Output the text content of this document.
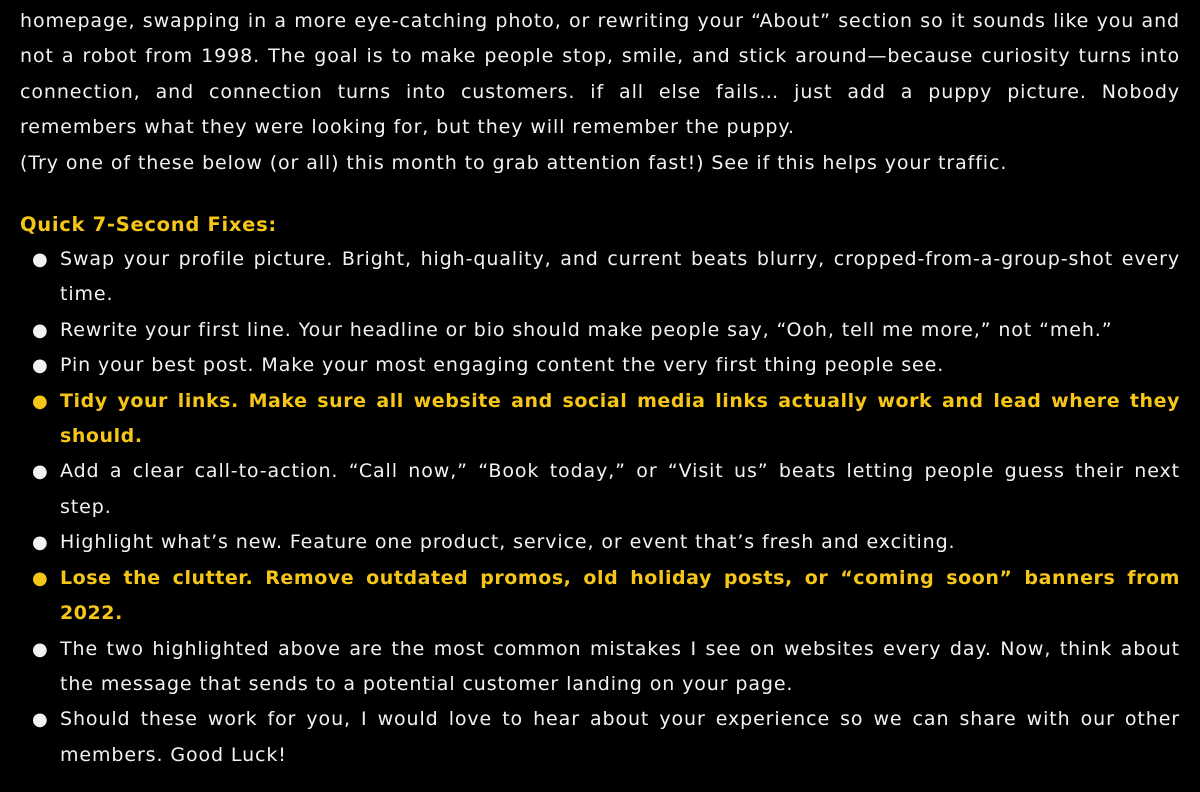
homepage, swapping in a more eye-catching photo, or rewriting your “About” section so it sounds like you and not a robot from 1998. The goal is to make people stop, smile, and stick around—because curiosity turns into connection, and connection turns into customers. if all else fails… just add a puppy picture. Nobody remembers what they were looking for, but they will remember the puppy.
(Try one of these below (or all) this month to grab attention fast!) See if this helps your traffic.

Quick 7-Second Fixes:
● Swap your profile picture. Bright, high-quality, and current beats blurry, cropped-from-a-group-shot every time.
● Rewrite your first line. Your headline or bio should make people say, “Ooh, tell me more,” not “meh.”
● Pin your best post. Make your most engaging content the very first thing people see.
● Tidy your links. Make sure all website and social media links actually work and lead where they should.
● Add a clear call-to-action. “Call now,” “Book today,” or “Visit us” beats letting people guess their next step.
● Highlight what’s new. Feature one product, service, or event that’s fresh and exciting.
● Lose the clutter. Remove outdated promos, old holiday posts, or “coming soon” banners from 2022.
● The two highlighted above are the most common mistakes I see on websites every day. Now, think about the message that sends to a potential customer landing on your page.
● Should these work for you, I would love to hear about your experience so we can share with our other members. Good Luck!
